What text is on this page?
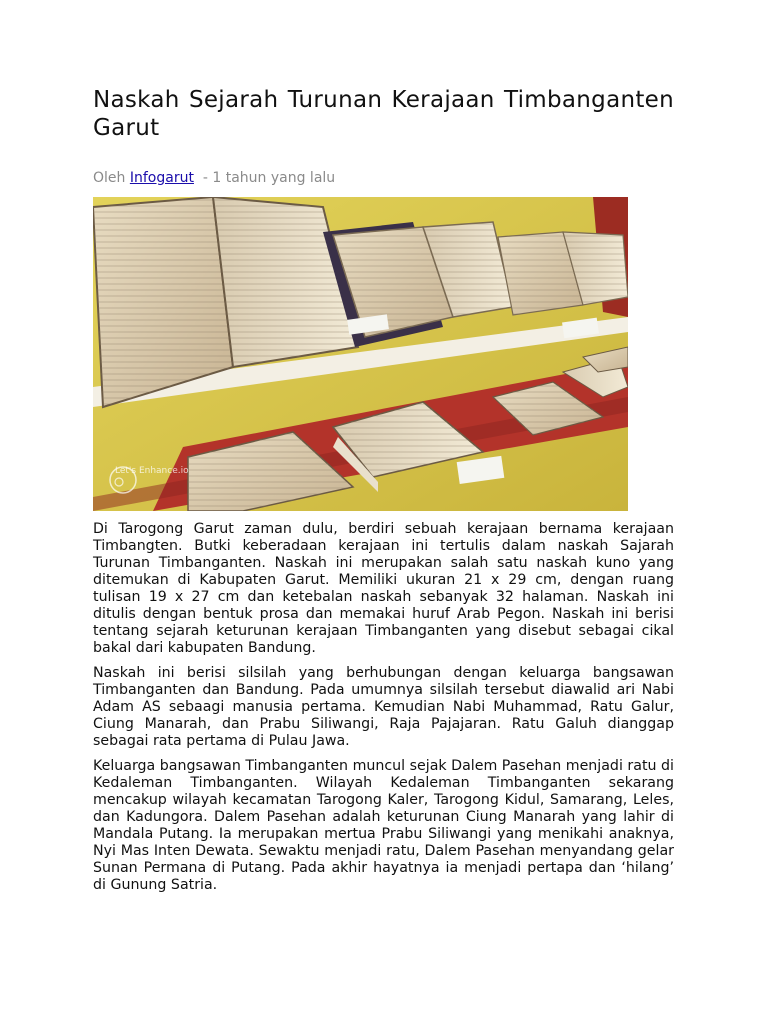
Naskah Sejarah Turunan Kerajaan Timbanganten Garut
Oleh Infogarut  - 1 tahun yang lalu
Let's Enhance.io

Di Tarogong Garut zaman dulu, berdiri sebuah kerajaan bernama kerajaan Timbangten. Butki keberadaan kerajaan ini tertulis dalam naskah Sajarah Turunan Timbanganten. Naskah ini merupakan salah satu naskah kuno yang ditemukan di Kabupaten Garut. Memiliki ukuran 21 x 29 cm, dengan ruang tulisan 19 x 27 cm dan ketebalan naskah sebanyak 32 halaman. Naskah ini ditulis dengan bentuk prosa dan memakai huruf Arab Pegon. Naskah ini berisi tentang sejarah keturunan kerajaan Timbanganten yang disebut sebagai cikal bakal dari kabupaten Bandung.

Naskah ini berisi silsilah yang berhubungan dengan keluarga bangsawan Timbanganten dan Bandung. Pada umumnya silsilah tersebut diawalid ari Nabi Adam AS sebaagi manusia pertama. Kemudian Nabi Muhammad, Ratu Galur, Ciung Manarah, dan Prabu Siliwangi, Raja Pajajaran. Ratu Galuh dianggap sebagai rata pertama di Pulau Jawa.

Keluarga bangsawan Timbanganten muncul sejak Dalem Pasehan menjadi ratu di Kedaleman Timbanganten. Wilayah Kedaleman Timbanganten sekarang mencakup wilayah kecamatan Tarogong Kaler, Tarogong Kidul, Samarang, Leles, dan Kadungora. Dalem Pasehan adalah keturunan Ciung Manarah yang lahir di Mandala Putang. Ia merupakan mertua Prabu Siliwangi yang menikahi anaknya, Nyi Mas Inten Dewata. Sewaktu menjadi ratu, Dalem Pasehan menyandang gelar Sunan Permana di Putang. Pada akhir hayatnya ia menjadi pertapa dan ‘hilang’ di Gunung Satria.
